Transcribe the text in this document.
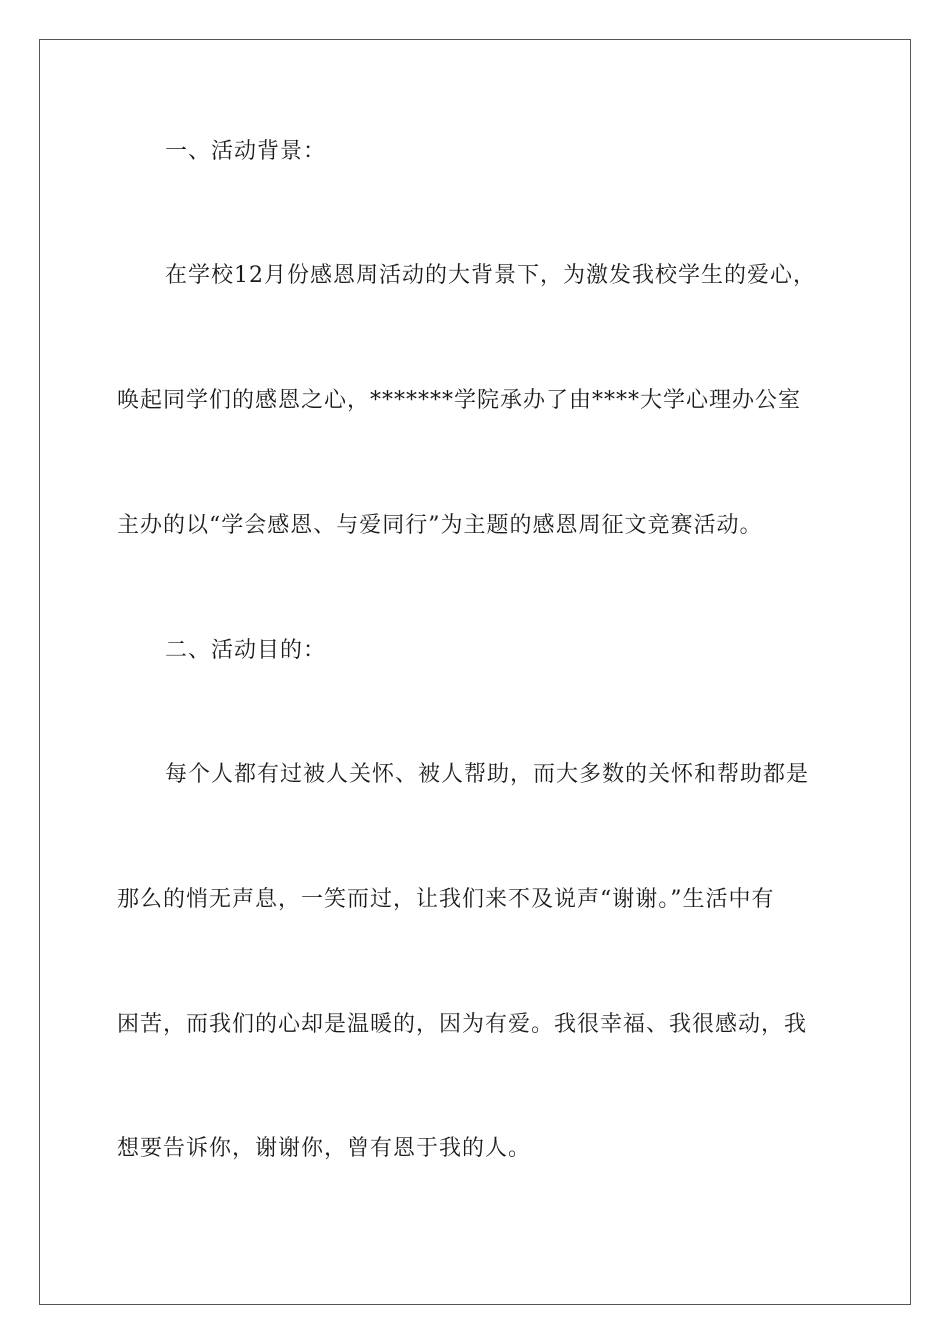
一、活动背景：
在学校12月份感恩周活动的大背景下，为激发我校学生的爱心，
唤起同学们的感恩之心，*******学院承办了由****大学心理办公室
主办的以“学会感恩、与爱同行”为主题的感恩周征文竞赛活动。
二、活动目的：
每个人都有过被人关怀、被人帮助，而大多数的关怀和帮助都是
那么的悄无声息，一笑而过，让我们来不及说声“谢谢。”生活中有
困苦，而我们的心却是温暖的，因为有爱。我很幸福、我很感动，我
想要告诉你，谢谢你，曾有恩于我的人。
